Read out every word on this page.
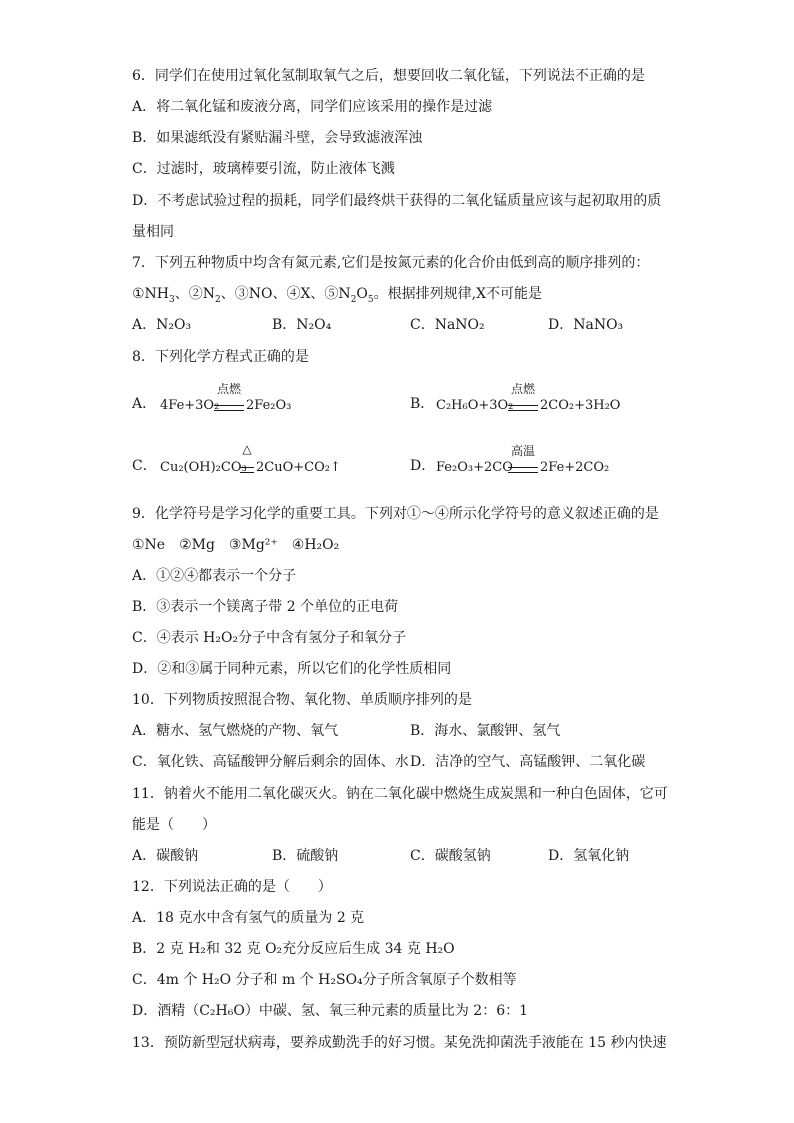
6．同学们在使用过氧化氢制取氧气之后，想要回收二氧化锰，下列说法不正确的是
A．将二氧化锰和废液分离，同学们应该采用的操作是过滤
B．如果滤纸没有紧贴漏斗壁，会导致滤液浑浊
C．过滤时，玻璃棒要引流，防止液体飞溅
D．不考虑试验过程的损耗，同学们最终烘干获得的二氧化锰质量应该与起初取用的质
量相同
7．下列五种物质中均含有氮元素,它们是按氮元素的化合价由低到高的顺序排列的：
$①NH_3$、$②N_2$、③NO、④X、$⑤N_2O_5$。根据排列规律,X不可能是
A．N₂O₃	B．N₂O₄	C．NaNO₂	D．NaNO₃
8．下列化学方程式正确的是
A． 4Fe+3O₂
点燃
2Fe₂O₃	B． C₂H₆O+3O₂
点燃
2CO₂+3H₂O
C． Cu₂(OH)₂CO₃
△
2CuO+CO₂↑	D． Fe₂O₃+2CO
高温
2Fe+2CO₂
9．化学符号是学习化学的重要工具。下列对①～④所示化学符号的意义叙述正确的是
①Ne　②Mg　③Mg²⁺　④H₂O₂
A．①②④都表示一个分子
B．③表示一个镁离子带 2 个单位的正电荷
C．④表示 H₂O₂分子中含有氢分子和氧分子
D．②和③属于同种元素，所以它们的化学性质相同
10．下列物质按照混合物、氧化物、单质顺序排列的是
A．糖水、氢气燃烧的产物、氧气	B．海水、氯酸钾、氢气
C．氧化铁、高锰酸钾分解后剩余的固体、水 D．洁净的空气、高锰酸钾、二氧化碳
11．钠着火不能用二氧化碳灭火。钠在二氧化碳中燃烧生成炭黑和一种白色固体，它可
能是（　　）
A．碳酸钠	B．硫酸钠	C．碳酸氢钠	D．氢氧化钠
12．下列说法正确的是（　　）
A．18 克水中含有氢气的质量为 2 克
B．2 克 H₂和 32 克 O₂充分反应后生成 34 克 H₂O
C．4m 个 H₂O 分子和 m 个 H₂SO₄分子所含氧原子个数相等
D．酒精（C₂H₆O）中碳、氢、氧三种元素的质量比为 2：6：1
13．预防新型冠状病毒，要养成勤洗手的好习惯。某免洗抑菌洗手液能在 15 秒内快速
